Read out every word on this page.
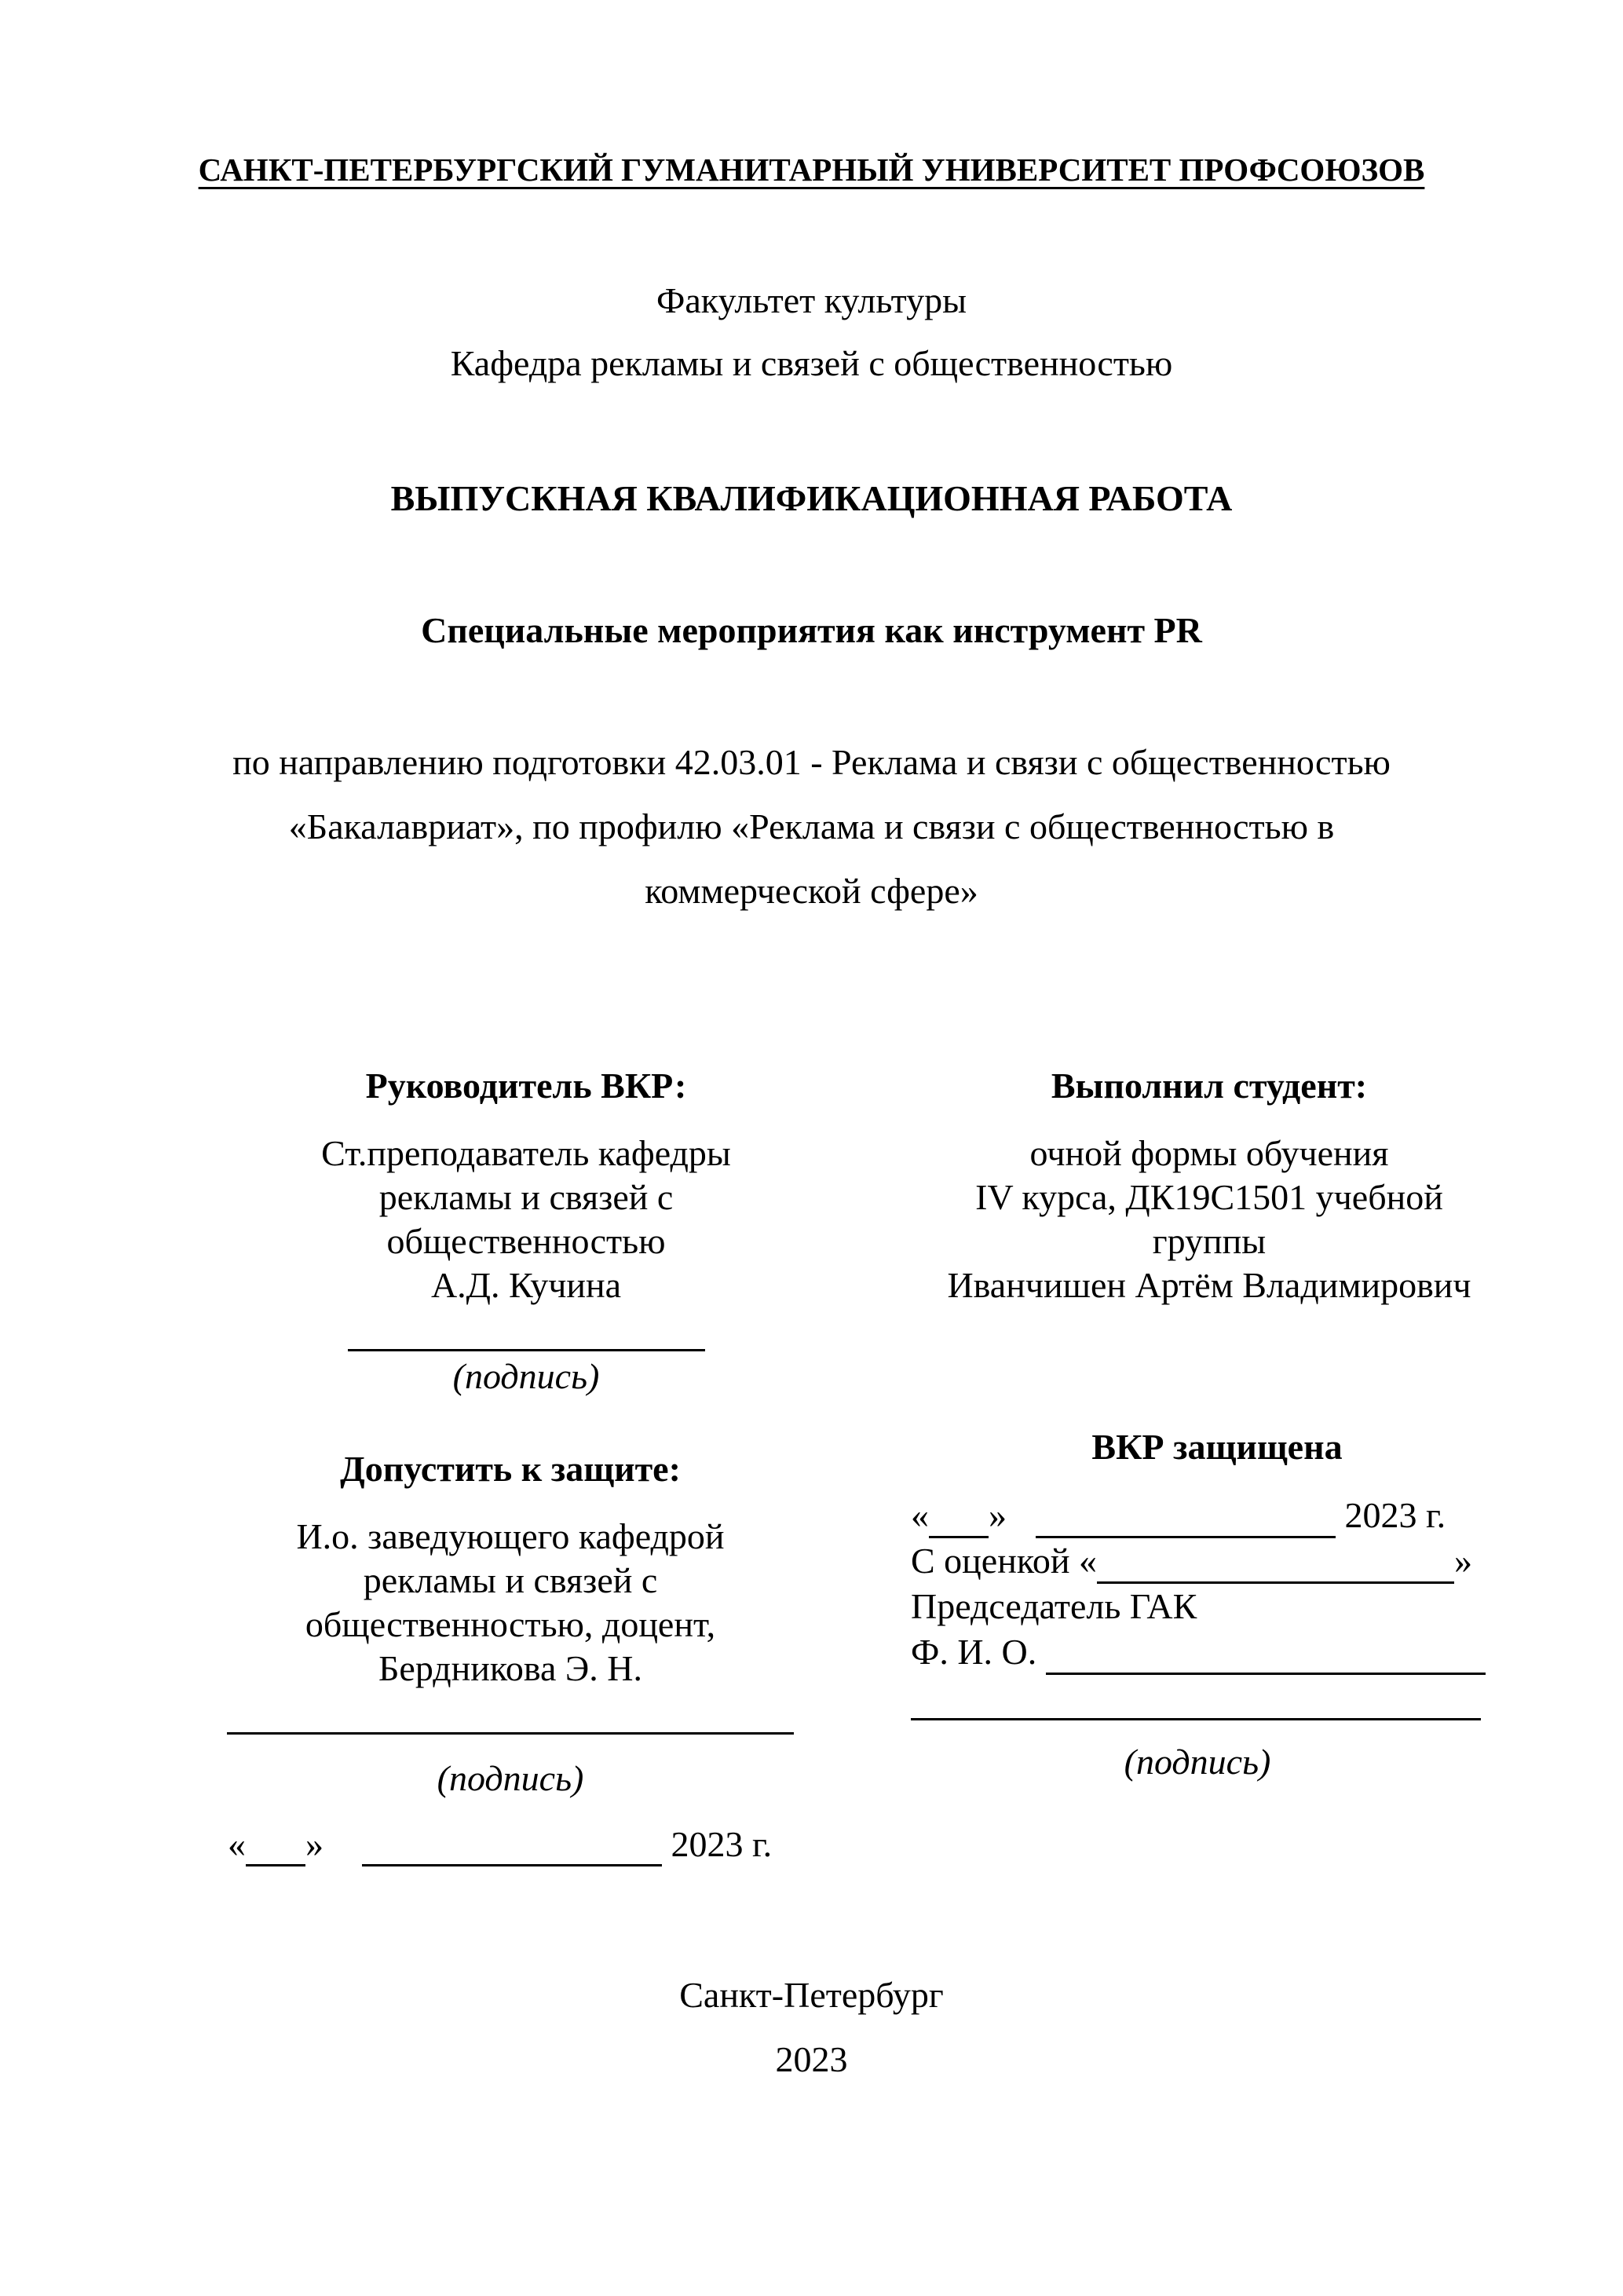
САНКТ-ПЕТЕРБУРГСКИЙ ГУМАНИТАРНЫЙ УНИВЕРСИТЕТ ПРОФСОЮЗОВ
Факультет культуры
Кафедра рекламы и связей с общественностью
ВЫПУСКНАЯ КВАЛИФИКАЦИОННАЯ РАБОТА
Специальные мероприятия как инструмент PR
по направлению подготовки 42.03.01 - Реклама и связи с общественностью
«Бакалавриат», по профилю «Реклама и связи с общественностью в
коммерческой сфере»
Руководитель ВКР:
Ст.преподаватель кафедры
рекламы и связей с
общественностью
А.Д. Кучина
(подпись)
Выполнил студент:
очной формы обучения
IV курса, ДК19С1501 учебной
группы
Иванчишен Артём Владимирович
Допустить к защите:
И.о. заведующего кафедрой
рекламы и связей с
общественностью, доцент,
Бердникова Э. Н.
(подпись)
« »	2023 г.
ВКР защищена
« »	2023 г.
С оценкой «	»
Председатель ГАК
Ф. И. О.
(подпись)
Санкт-Петербург
2023
